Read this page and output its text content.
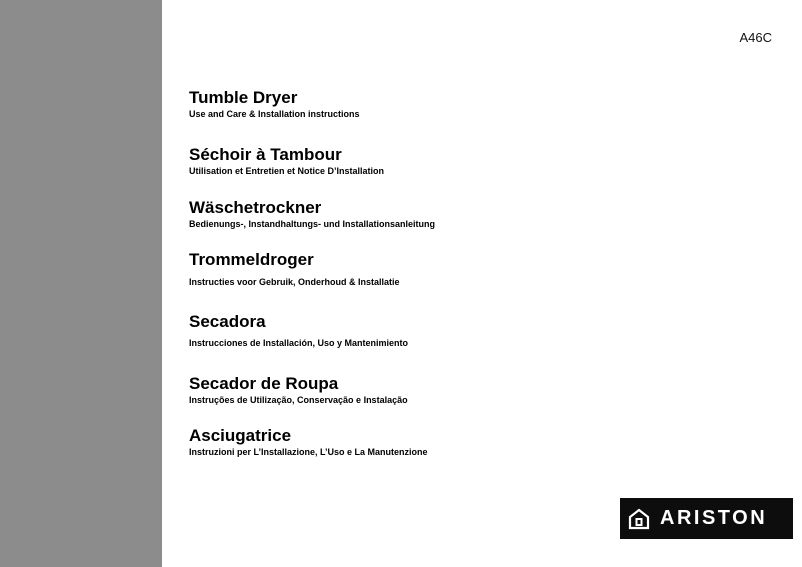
A46C
Tumble Dryer
Use and Care & Installation instructions
Séchoir à Tambour
Utilisation et Entretien et Notice D’Installation
Wäschetrockner
Bedienungs-, Instandhaltungs- und Installationsanleitung
Trommeldroger
Instructies voor Gebruik, Onderhoud & Installatie
Secadora
Instrucciones de Installación, Uso y Mantenimiento
Secador de Roupa
Instruções de Utilização, Conservação e Instalação
Asciugatrice
Instruzioni per L’Installazione, L’Uso e La Manutenzione
ARISTON
